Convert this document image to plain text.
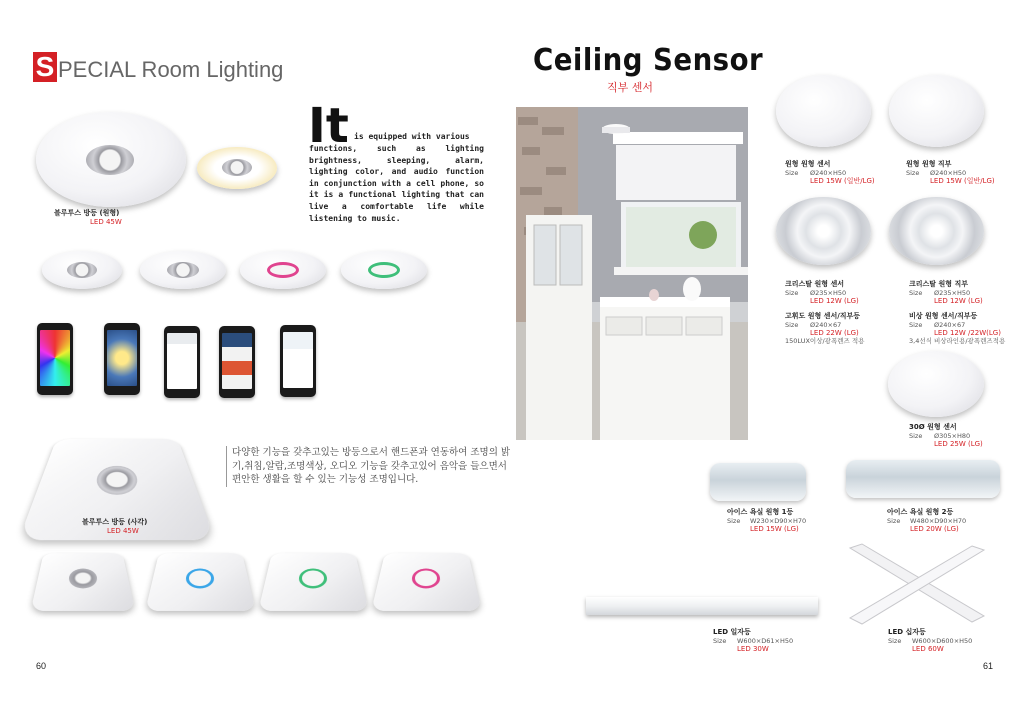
S PECIAL Room Lighting
블루투스 방등 (원형)
LED 45W
It is equipped with various
functions, such as lighting brightness, sleeping, alarm, lighting color, and audio function in conjunction with a cell phone, so it is a functional lighting that can live a comfortable life while listening to music.
블루투스 방등 (사각)
LED 45W
다양한 기능을 갖추고있는 방등으로서 핸드폰과 연동하여 조명의 밝기,취침,알람,조명색상, 오디오 기능을 갖추고있어 음악을 들으면서 편안한 생활을 할 수 있는 기능성 조명입니다.
60
Ceiling Sensor
직부 센서
원형 원형 센서
Size Ø240×H50
LED 15W (일반/LG)
원형 원형 직부
Size Ø240×H50
LED 15W (일반/LG)
크리스탈 원형 센서
Size Ø235×H50
LED 12W (LG)
크리스탈 원형 직부
Size Ø235×H50
LED 12W (LG)
고휘도 원형 센서/직부등
Size Ø240×67
LED 22W (LG)
150LUX이상/광폭렌즈 적용
비상 원형 센서/직부등
Size Ø240×67
LED 12W /22W(LG)
3,4선식 비상라인용/광폭렌즈적용
30Ø 원형 센서
Size Ø305×H80
LED 25W (LG)
아이스 욕실 원형 1등
Size W230×D90×H70
LED 15W (LG)
아이스 욕실 원형 2등
Size W480×D90×H70
LED 20W (LG)
LED 일자등
Size W600×D61×H50
LED 30W
LED 십자등
Size W600×D600×H50
LED 60W
61
